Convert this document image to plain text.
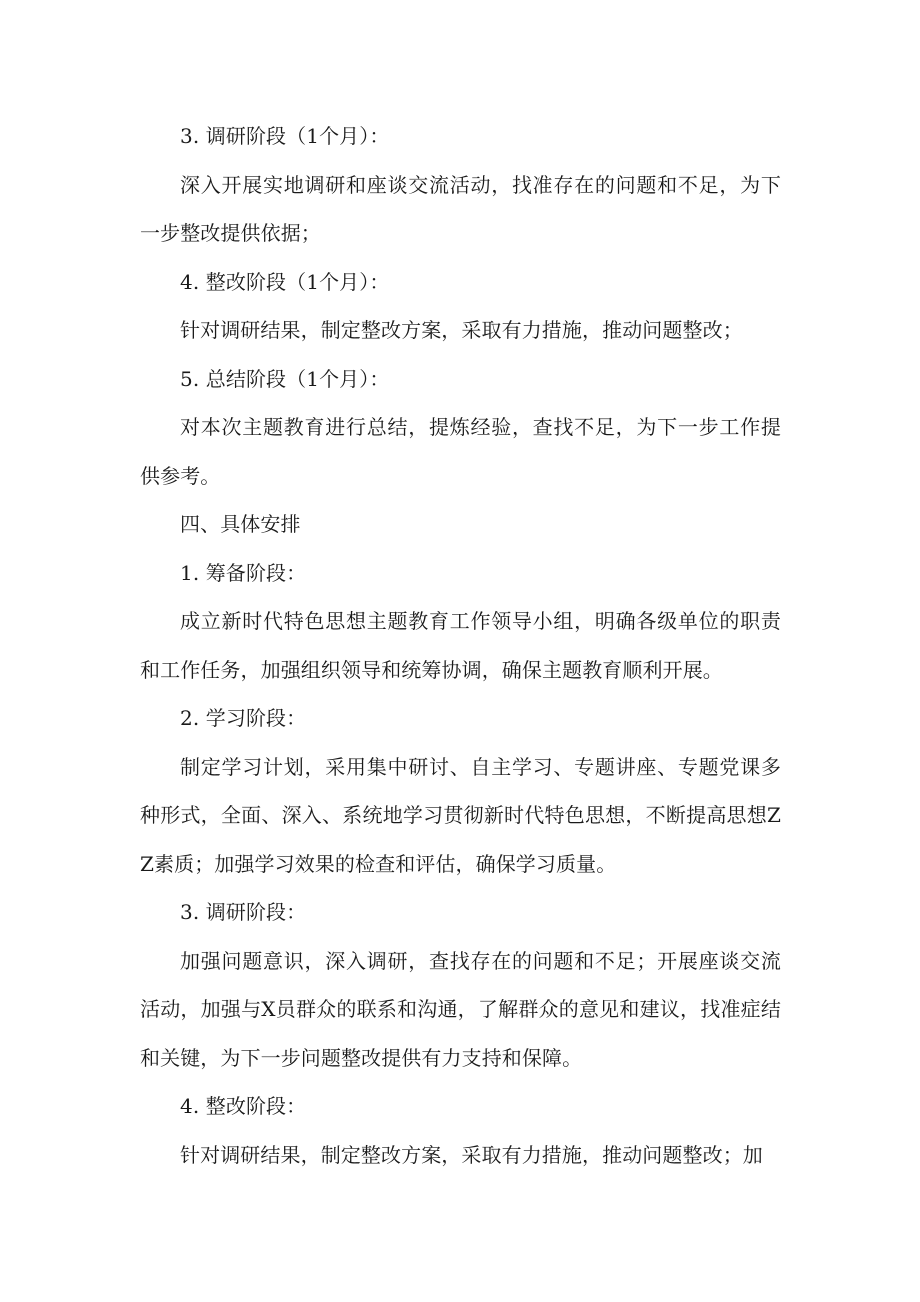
3. 调研阶段（1个月）：

深入开展实地调研和座谈交流活动，找准存在的问题和不足，为下一步整改提供依据；

4. 整改阶段（1个月）：

针对调研结果，制定整改方案，采取有力措施，推动问题整改；

5. 总结阶段（1个月）：

对本次主题教育进行总结，提炼经验，查找不足，为下一步工作提供参考。

四、具体安排

1. 筹备阶段：

成立新时代特色思想主题教育工作领导小组，明确各级单位的职责和工作任务，加强组织领导和统筹协调，确保主题教育顺利开展。

2. 学习阶段：

制定学习计划，采用集中研讨、自主学习、专题讲座、专题党课多种形式，全面、深入、系统地学习贯彻新时代特色思想，不断提高思想ZZ素质；加强学习效果的检查和评估，确保学习质量。

3. 调研阶段：

加强问题意识，深入调研，查找存在的问题和不足；开展座谈交流活动，加强与X员群众的联系和沟通，了解群众的意见和建议，找准症结和关键，为下一步问题整改提供有力支持和保障。

4. 整改阶段：

针对调研结果，制定整改方案，采取有力措施，推动问题整改；加
